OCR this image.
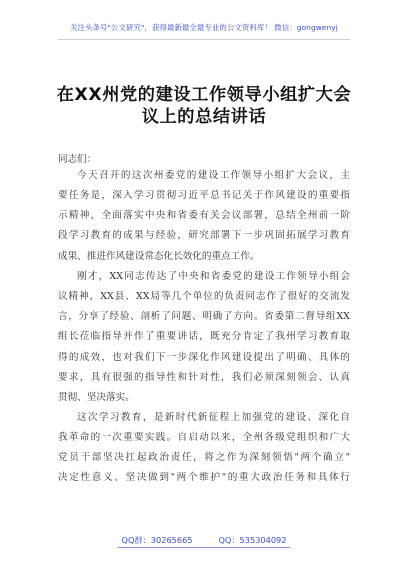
关注头条号"公文研究"，获得最新最全最专业的公文资料库！ 微信：gongwenyj
在XX州党的建设工作领导小组扩大会
议上的总结讲话
同志们：
今天召开的这次州委党的建设工作领导小组扩大会议，主
要任务是，深入学习贯彻习近平总书记关于作风建设的重要指
示精神，全面落实中央和省委有关会议部署，总结全州前一阶
段学习教育的成果与经验，研究部署下一步巩固拓展学习教育
成果、推进作风建设常态化长效化的重点工作。
刚才，XX同志传达了中央和省委党的建设工作领导小组会
议精神，XX县、XX局等几个单位的负责同志作了很好的交流发
言，分享了经验、剖析了问题、明确了方向。省委第二督导组XX
组长莅临指导并作了重要讲话，既充分肯定了我州学习教育取
得的成效，也对我们下一步深化作风建设提出了明确、具体的
要求，具有很强的指导性和针对性，我们必须深刻领会、认真
贯彻、坚决落实。
这次学习教育，是新时代新征程上加强党的建设、深化自
我革命的一次重要实践。自启动以来，全州各级党组织和广大
党员干部坚决扛起政治责任，将之作为深刻领悟"两个确立"
决定性意义、坚决做到"两个维护"的重大政治任务和具体行
QQ群：30265665	QQ：535304092
